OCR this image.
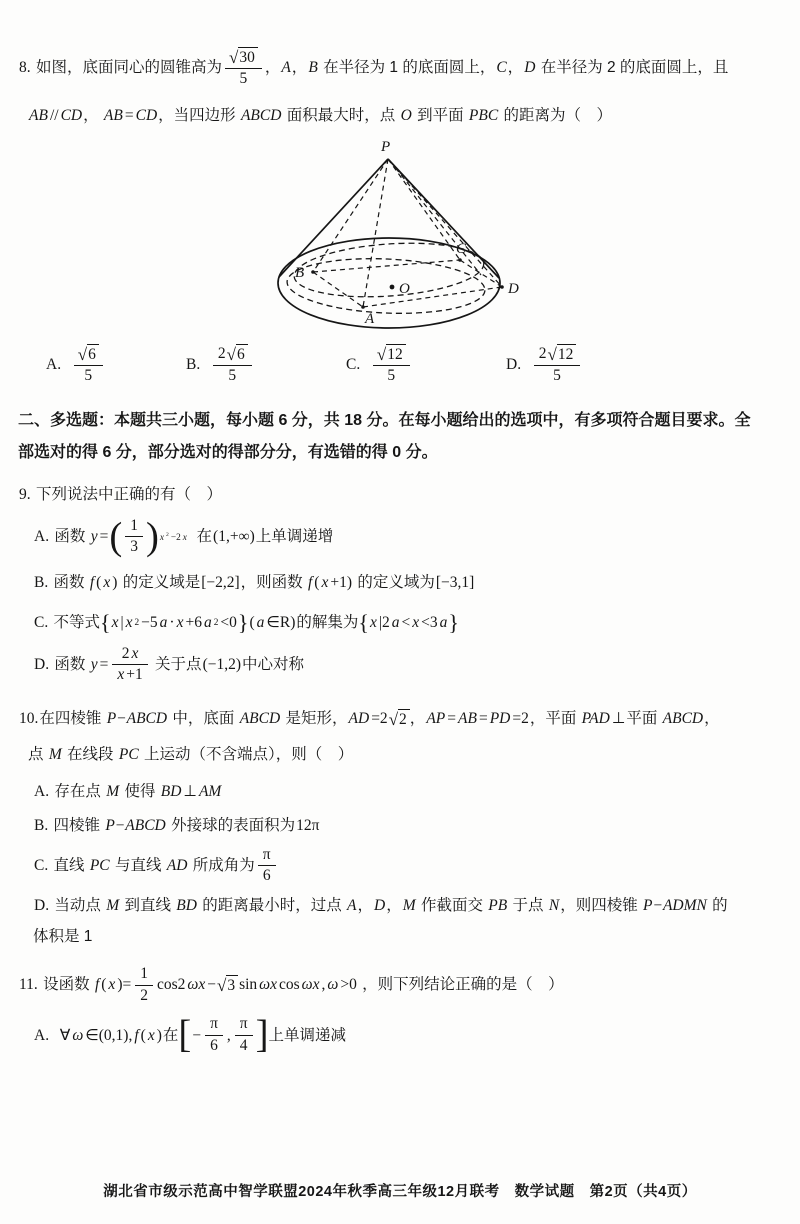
8. 如图，底面同心的圆锥高为 $\frac{√ 30}{5}$ ， A ， B 在半径为 1 的底面圆上， C ， D 在半径为 2 的底面圆上，且
AB // CD ， AB = CD ，当四边形 ABCD 面积最大时，点 O 到平面 PBC 的距离为（　）
P
B
A
C
D
O
A.
$\frac{√ 6}{5}$	B.
$\frac{2 √ 6}{5}$	C.
$\frac{√ 12}{5}$	D.
$\frac{2 √ 12}{5}$
二、多选题：本题共三小题，每小题 6 分，共 18 分。在每小题给出的选项中，有多项符合题目要求。全
部选对的得 6 分，部分选对的得部分分，有选错的得 0 分。
9. 下列说法中正确的有（　）
A. 函数 y = ( $\frac{1}{3}$ ) x $^2$ −2 x 在 (1,+∞) 上单调递增
B. 函数 f ( x ) 的定义域是 [−2,2] ，则函数 f ( x +1) 的定义域为 [−3,1]
C. 不等式 { x | x 2 −5 a · x +6 a 2 <0 } ( a ∈R) 的解集为 { x |2 a < x <3 a }
D. 函数 $y = \frac{2 x}{x +1}$ 关于点 (−1,2) 中心对称
10. 在四棱锥 P−ABCD 中，底面 ABCD 是矩形， AD =2 √ 2 ， AP = AB = PD =2 ，平面 PAD ⊥ 平面 ABCD ，
点 M 在线段 PC 上运动（不含端点），则（　）
A. 存在点 M 使得 BD ⊥ AM
B. 四棱锥 P−ABCD 外接球的表面积为 12π
C. 直线 PC 与直线 AD 所成角为 $\frac{\pi}{6}$
D. 当动点 M 到直线 BD 的距离最小时，过点 A ， D ， M 作截面交 PB 于点 N ，则四棱锥 P−ADMN 的
体积是 1
11. 设函数 f ( x )= $\frac{1}{2} \cos 2$ ωx − √ 3 sin ωx cos ωx , ω >0 ，则下列结论正确的是（　）
A.
∀ ω ∈(0,1), f ( x ) 在 [ − $\frac{\pi}{6}$ , $\frac{\pi}{4}$ ] 上单调递减
湖北省市级示范高中智学联盟2024年秋季高三年级12月联考　数学试题　第2页（共4页）
